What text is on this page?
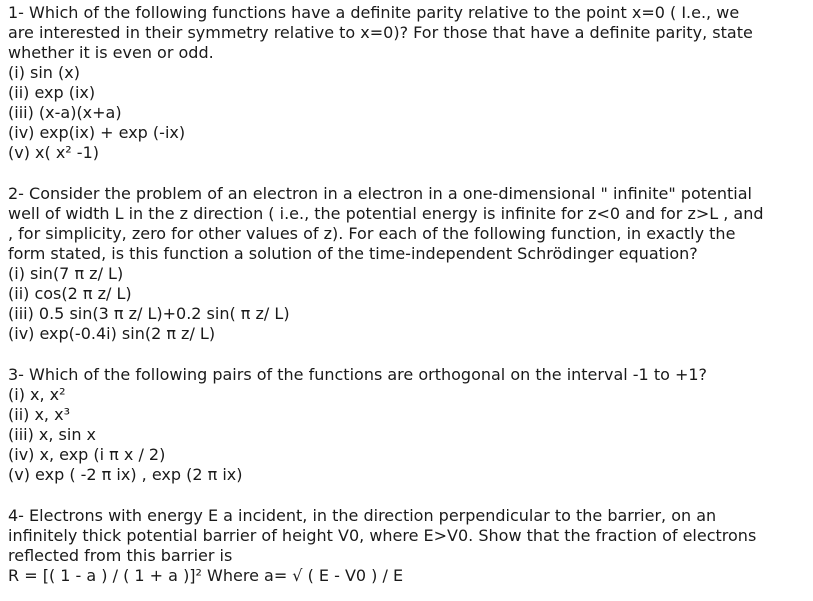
1- Which of the following functions have a definite parity relative to the point x=0 ( I.e., we
are interested in their symmetry relative to x=0)? For those that have a definite parity, state
whether it is even or odd.
(i) sin (x)
(ii) exp (ix)
(iii) (x-a)(x+a)
(iv) exp(ix) + exp (-ix)
(v) x( x² -1)
2- Consider the problem of an electron in a electron in a one-dimensional " infinite" potential
well of width L in the z direction ( i.e., the potential energy is infinite for z<0 and for z>L , and
, for simplicity, zero for other values of z). For each of the following function, in exactly the
form stated, is this function a solution of the time-independent Schrödinger equation?
(i) sin(7 π z/ L)
(ii) cos(2 π z/ L)
(iii) 0.5 sin(3 π z/ L)+0.2 sin( π z/ L)
(iv) exp(-0.4i) sin(2 π z/ L)
3- Which of the following pairs of the functions are orthogonal on the interval -1 to +1?
(i) x, x²
(ii) x, x³
(iii) x, sin x
(iv) x, exp (i π x / 2)
(v) exp ( -2 π ix) , exp (2 π ix)
4- Electrons with energy E a incident, in the direction perpendicular to the barrier, on an
infinitely thick potential barrier of height V0, where E>V0. Show that the fraction of electrons
reflected from this barrier is
R = [( 1 - a ) / ( 1 + a )]² Where a= √ ( E - V0 ) / E
